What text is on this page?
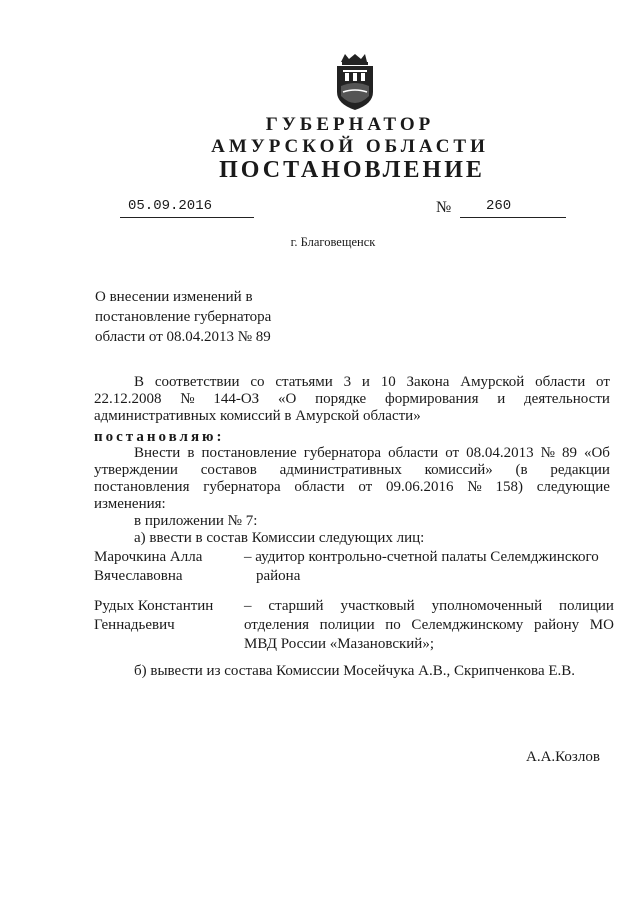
ГУБЕРНАТОР
АМУРСКОЙ ОБЛАСТИ
ПОСТАНОВЛЕНИЕ
05.09.2016	№	260
г. Благовещенск
О внесении изменений в
постановление губернатора
области от 08.04.2013 № 89
В соответствии со статьями 3 и 10 Закона Амурской области от
22.12.2008 № 144-ОЗ «О порядке формирования и деятельности
административных комиссий в Амурской области»
постановляю:
Внести в постановление губернатора области от 08.04.2013 № 89 «Об
утверждении составов административных комиссий» (в редакции
постановления губернатора области от 09.06.2016 № 158) следующие
изменения:
в приложении № 7:
а) ввести в состав Комиссии следующих лиц:
Марочкина Алла
Вячеславовна
– аудитор контрольно-счетной палаты Селемджинского
района
Рудых Константин
Геннадьевич
– старший участковый уполномоченный полиции
отделения полиции по Селемджинскому району МО
МВД России «Мазановский»;
б) вывести из состава Комиссии Мосейчука А.В., Скрипченкова Е.В.
А.А.Козлов
